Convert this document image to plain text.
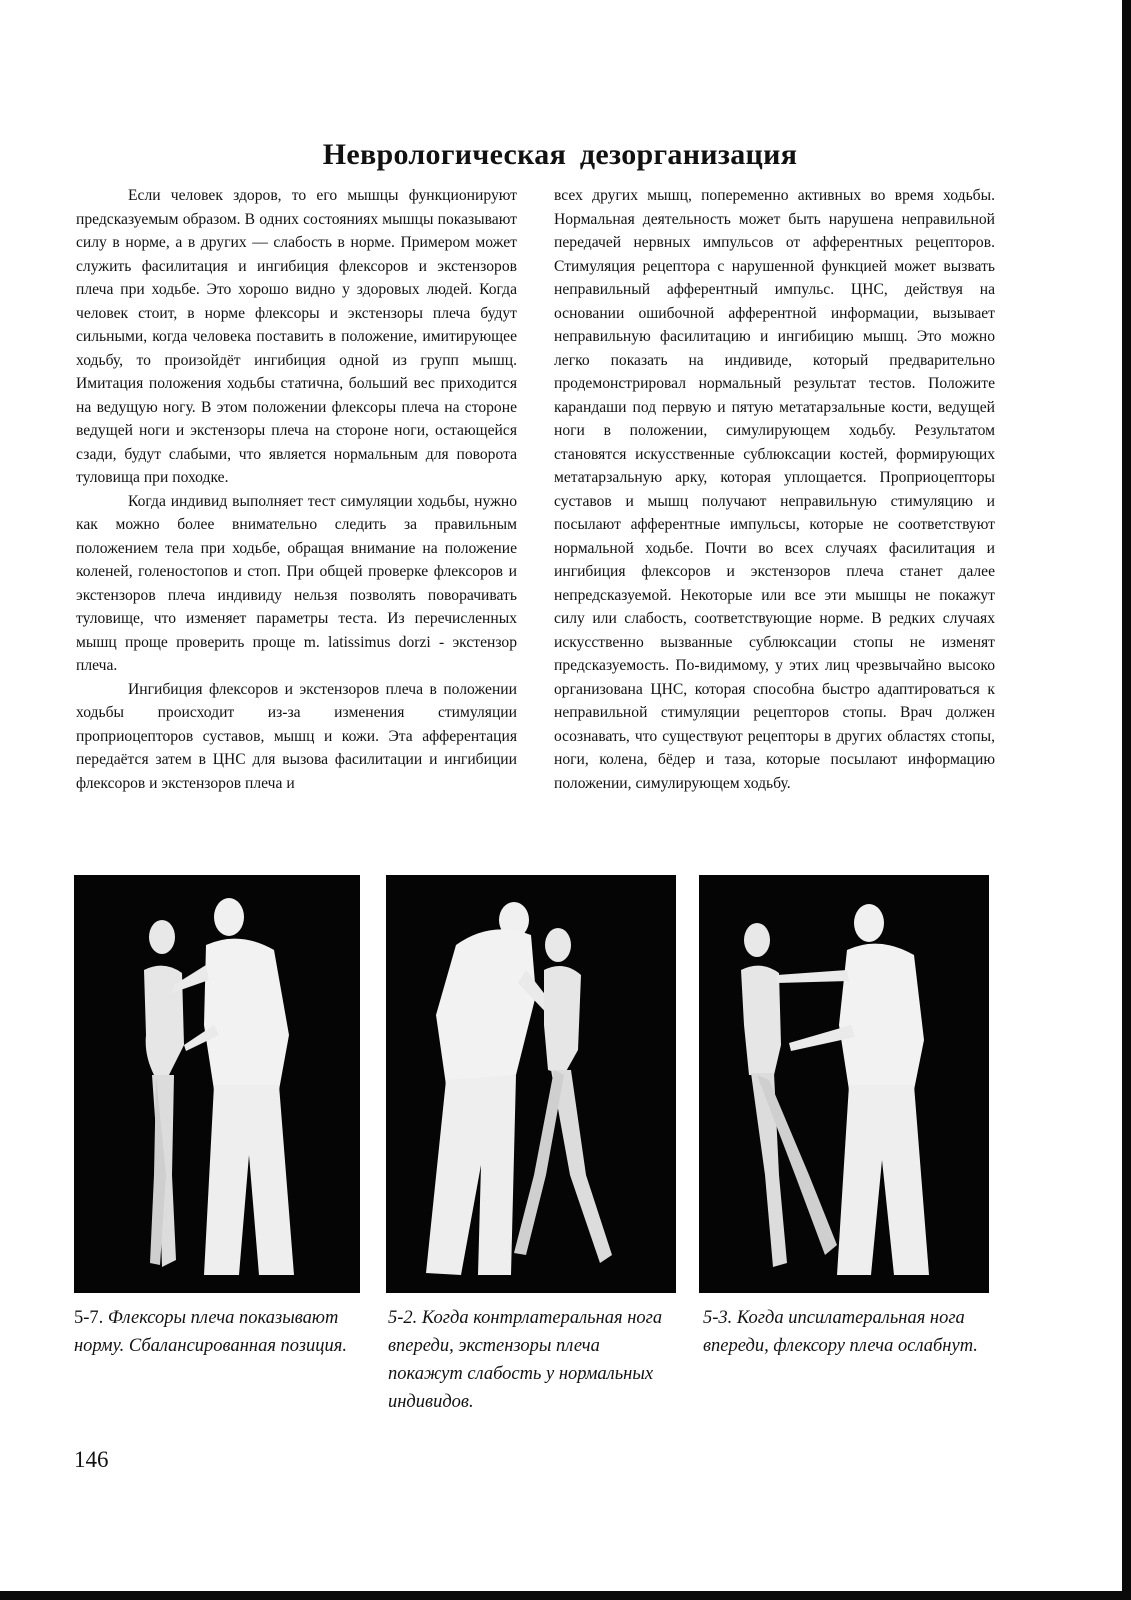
Неврологическая дезорганизация

Если человек здоров, то его мышцы функционируют предсказуемым образом. В одних состояниях мышцы показывают силу в норме, а в других — слабость в норме. Примером может служить фасилитация и ингибиция флексоров и экстензоров плеча при ходьбе. Это хорошо видно у здоровых людей. Когда человек стоит, в норме флексоры и экстензоры плеча будут сильными, когда человека поставить в положение, имитирующее ходьбу, то произойдёт ингибиция одной из групп мышц. Имитация положения ходьбы статична, больший вес приходится на ведущую ногу. В этом положении флексоры плеча на стороне ведущей ноги и экстензоры плеча на стороне ноги, остающейся сзади, будут слабыми, что является нормальным для поворота туловища при походке.

Когда индивид выполняет тест симуляции ходьбы, нужно как можно более внимательно следить за правильным положением тела при ходьбе, обращая внимание на положение коленей, голеностопов и стоп. При общей проверке флексоров и экстензоров плеча индивиду нельзя позволять поворачивать туловище, что изменяет параметры теста. Из перечисленных мышц проще проверить проще m. latissimus dorzi - экстензор плеча.

Ингибиция флексоров и экстензоров плеча в положении ходьбы происходит из-за изменения стимуляции проприоцепторов суставов, мышц и кожи. Эта афферентация передаётся затем в ЦНС для вызова фасилитации и ингибиции флексоров и экстензоров плеча и

всех других мышц, попеременно активных во время ходьбы. Нормальная деятельность может быть нарушена неправильной передачей нервных импульсов от афферентных рецепторов. Стимуляция рецептора с нарушенной функцией может вызвать неправильный афферентный импульс. ЦНС, действуя на основании ошибочной афферентной информации, вызывает неправильную фасилитацию и ингибицию мышц. Это можно легко показать на индивиде, который предварительно продемонстрировал нормальный результат тестов. Положите карандаши под первую и пятую метатарзальные кости, ведущей ноги в положении, симулирующем ходьбу. Результатом становятся искусственные сублюксации костей, формирующих метатарзальную арку, которая уплощается. Проприоцепторы суставов и мышц получают неправильную стимуляцию и посылают афферентные импульсы, которые не соответствуют нормальной ходьбе. Почти во всех случаях фасилитация и ингибиция флексоров и экстензоров плеча станет далее непредсказуемой. Некоторые или все эти мышцы не покажут силу или слабость, соответствующие норме. В редких случаях искусственно вызванные сублюксации стопы не изменят предсказуемость. По-видимому, у этих лиц чрезвычайно высоко организована ЦНС, которая способна быстро адаптироваться к неправильной стимуляции рецепторов стопы. Врач должен осознавать, что существуют рецепторы в других областях стопы, ноги, колена, бёдер и таза, которые посылают информацию положении, симулирующем ходьбу.

5-7. Флексоры плеча показывают норму. Сбалансированная позиция.
5-2. Когда контрлатеральная нога впереди, экстензоры плеча покажут слабость у нормальных индивидов.
5-3. Когда ипсилатеральная нога впереди, флексору плеча ослабнут.
146
